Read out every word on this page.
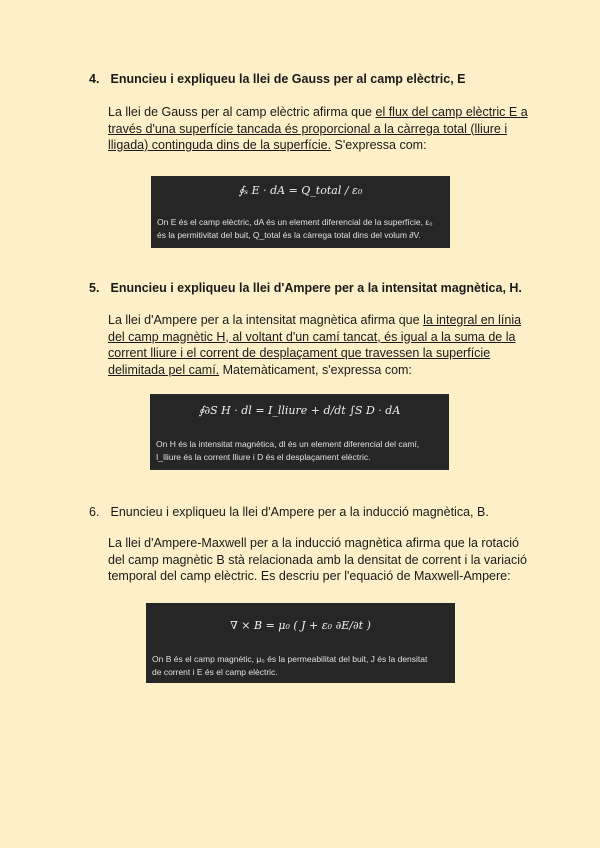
4. Enuncieu i expliqueu la llei de Gauss per al camp elèctric, E
La llei de Gauss per al camp elèctric afirma que el flux del camp elèctric E a través d'una superfície tancada és proporcional a la càrrega total (lliure i lligada) continguda dins de la superfície. S'expressa com:
∮ₛ E · dA = Q_total / ε₀
On E és el camp elèctric, dA és un element diferencial de la superfície, ε₀
és la permitivitat del buit, Q_total és la càrrega total dins del volum ∂V.
5. Enuncieu i expliqueu la llei d'Ampere per a la intensitat magnètica, H.
La llei d'Ampere per a la intensitat magnètica afirma que la integral en línia del camp magnètic H, al voltant d'un camí tancat, és igual a la suma de la corrent lliure i el corrent de desplaçament que travessen la superfície delimitada pel camí. Matemàticament, s'expressa com:
∮∂S H · dl = I_lliure + d/dt ∫S D · dA
On H és la intensitat magnètica, dl és un element diferencial del camí,
I_lliure és la corrent lliure i D és el desplaçament elèctric.
6. Enuncieu i expliqueu la llei d'Ampere per a la inducció magnètica, B.
La llei d'Ampere-Maxwell per a la inducció magnètica afirma que la rotació del camp magnètic B stà relacionada amb la densitat de corrent i la variació temporal del camp elèctric. Es descriu per l'equació de Maxwell-Ampere:
∇ × B = μ₀ ( J + ε₀ ∂E/∂t )
On B és el camp magnètic, μ₀ és la permeabilitat del buit, J és la densitat
de corrent i E és el camp elèctric.
